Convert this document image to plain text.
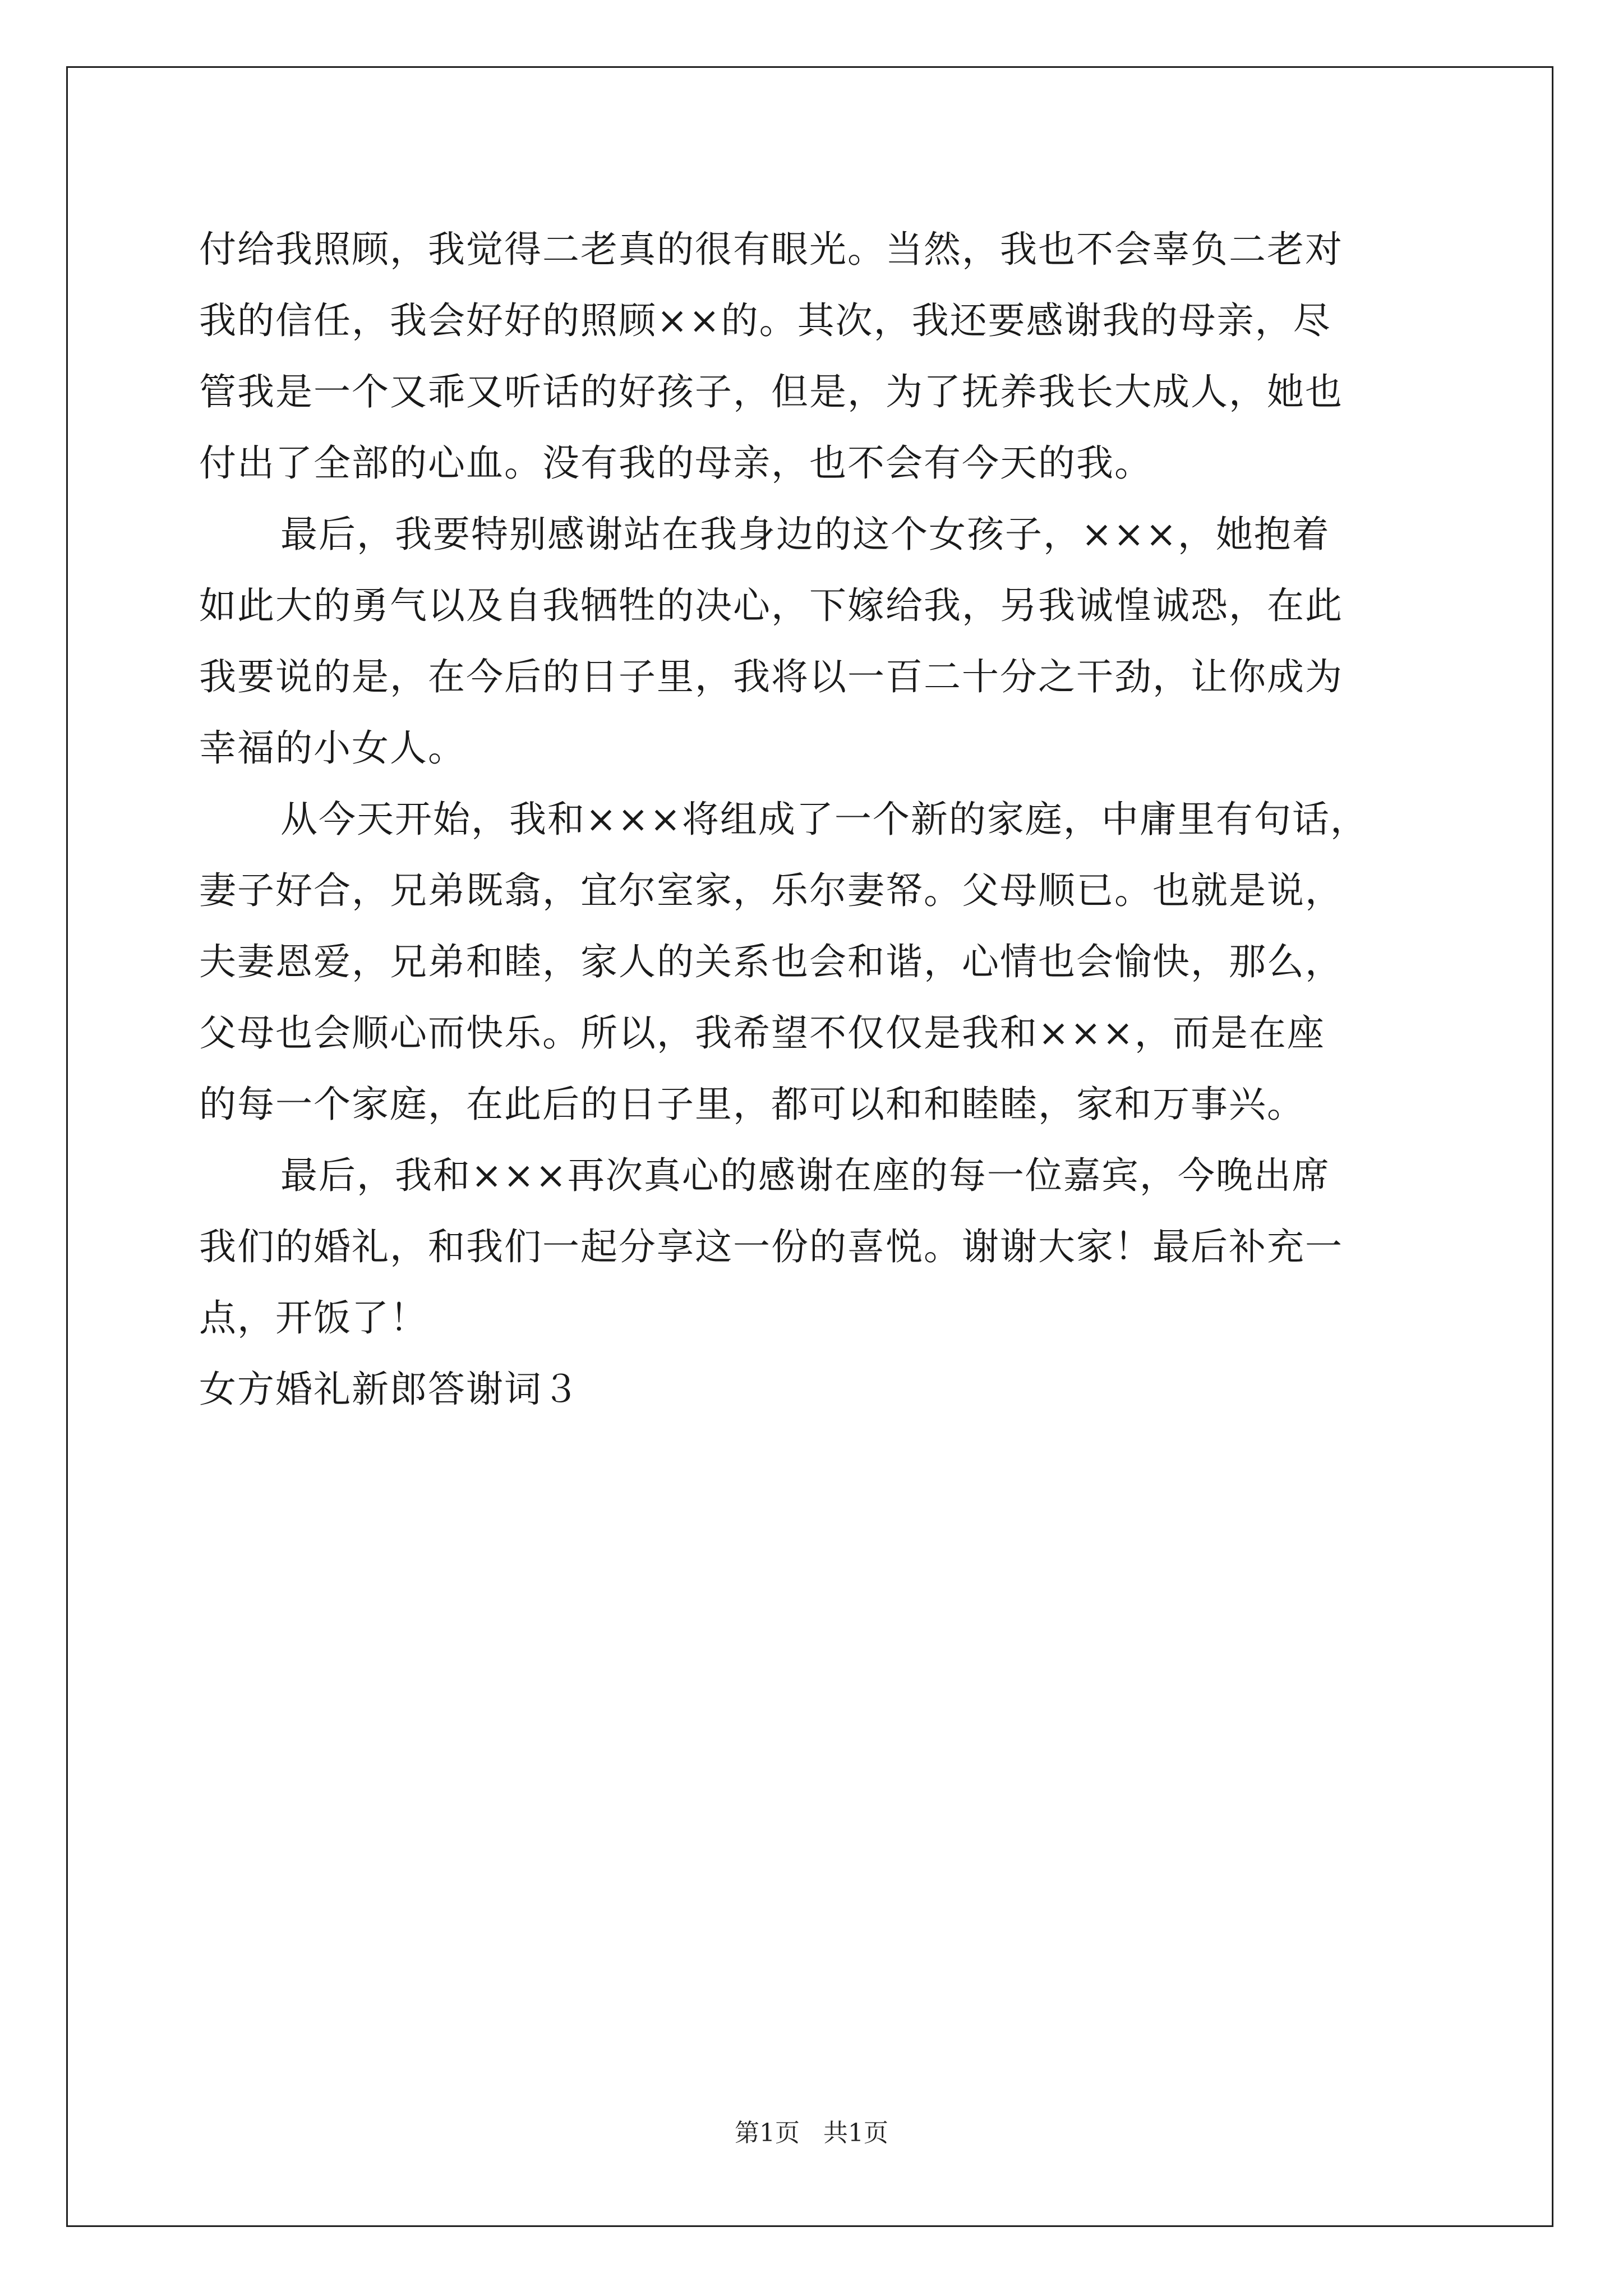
付给我照顾，我觉得二老真的很有眼光。当然，我也不会辜负二老对
我的信任，我会好好的照顾××的。其次，我还要感谢我的母亲，尽
管我是一个又乖又听话的好孩子，但是，为了抚养我长大成人，她也
付出了全部的心血。没有我的母亲，也不会有今天的我。
最后，我要特别感谢站在我身边的这个女孩子，×××，她抱着
如此大的勇气以及自我牺牲的决心，下嫁给我，另我诚惶诚恐，在此
我要说的是，在今后的日子里，我将以一百二十分之干劲，让你成为
幸福的小女人。
从今天开始，我和×××将组成了一个新的家庭，中庸里有句话，
妻子好合，兄弟既翕，宜尔室家，乐尔妻帑。父母顺已。也就是说，
夫妻恩爱，兄弟和睦，家人的关系也会和谐，心情也会愉快，那么，
父母也会顺心而快乐。所以，我希望不仅仅是我和×××，而是在座
的每一个家庭，在此后的日子里，都可以和和睦睦，家和万事兴。
最后，我和×××再次真心的感谢在座的每一位嘉宾，今晚出席
我们的婚礼，和我们一起分享这一份的喜悦。谢谢大家！最后补充一
点，开饭了！
女方婚礼新郎答谢词３
第1页 共1页
